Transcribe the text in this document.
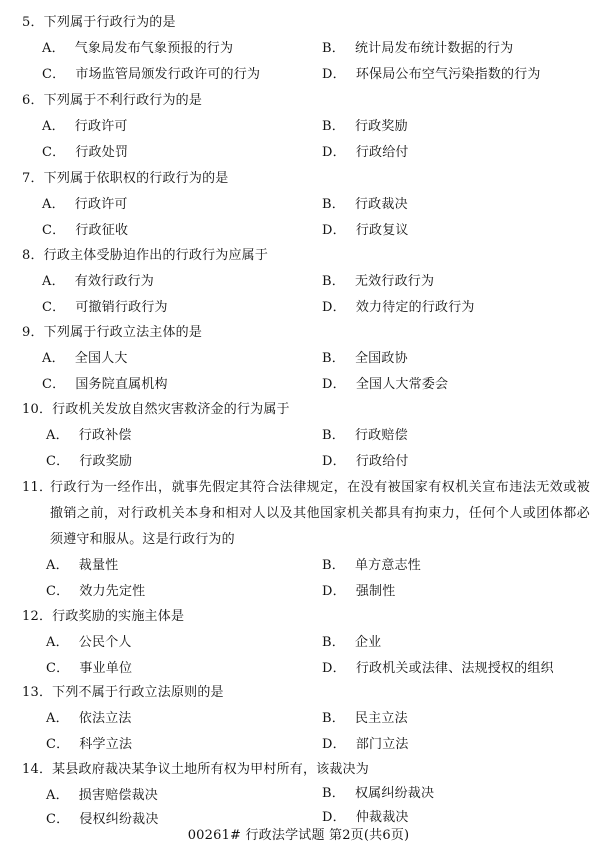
5．下列属于行政行为的是
A． 气象局发布气象预报的行为	B． 统计局发布统计数据的行为
C． 市场监管局颁发行政许可的行为	D． 环保局公布空气污染指数的行为
6．下列属于不利行政行为的是
A． 行政许可	B． 行政奖励
C． 行政处罚	D． 行政给付
7．下列属于依职权的行政行为的是
A． 行政许可	B． 行政裁决
C． 行政征收	D． 行政复议
8．行政主体受胁迫作出的行政行为应属于
A． 有效行政行为	B． 无效行政行为
C． 可撤销行政行为	D． 效力待定的行政行为
9．下列属于行政立法主体的是
A． 全国人大	B． 全国政协
C． 国务院直属机构	D． 全国人大常委会
10．行政机关发放自然灾害救济金的行为属于
A． 行政补偿	B． 行政赔偿
C． 行政奖励	D． 行政给付
11．
行政行为一经作出，就事先假定其符合法律规定，在没有被国家有权机关宣布违法无效或被撤销之前，对行政机关本身和相对人以及其他国家机关都具有拘束力，任何个人或团体都必须遵守和服从。这是行政行为的
A． 裁量性	B． 单方意志性
C． 效力先定性	D． 强制性
12．行政奖励的实施主体是
A． 公民个人	B． 企业
C． 事业单位	D． 行政机关或法律、法规授权的组织
13．下列不属于行政立法原则的是
A． 依法立法	B． 民主立法
C． 科学立法	D． 部门立法
14．某县政府裁决某争议土地所有权为甲村所有，该裁决为
A． 损害赔偿裁决	B． 权属纠纷裁决
C． 侵权纠纷裁决	D． 仲裁裁决
00261# 行政法学试题 第2页(共6页)
